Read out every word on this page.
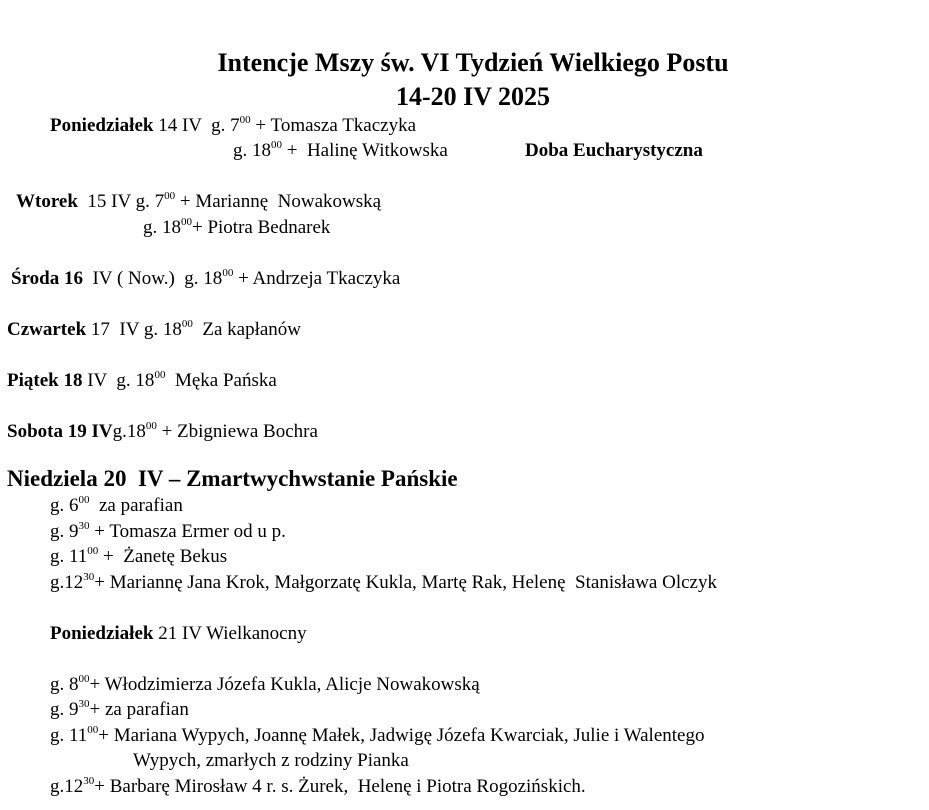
Intencje Mszy św. VI Tydzień Wielkiego Postu
14-20 IV 2025
Poniedziałek 14 IV  g. $7^{00}$ + Tomasza Tkaczyka
g. $18^{00}$ +  Halinę Witkowska	Doba Eucharystyczna
Wtorek  15 IV g. $7^{00}$ + Mariannę  Nowakowską
g. $18^{00}+$ Piotra Bednarek
Środa 16  IV ( Now.)  g. $18^{00}$ + Andrzeja Tkaczyka
Czwartek 17  IV g. $18^{00}$  Za kapłanów
Piątek 18 IV  g. $18^{00}$  Męka Pańska
Sobota 19 $IVg.18^{00}$ + Zbigniewa Bochra
Niedziela 20  IV – Zmartwychwstanie Pańskie
g. $6^{00}$  za parafian
g. $9^{30}$ + Tomasza Ermer od u p.
g. $11^{00}$ +  Żanetę Bekus
$g.12^{30}+$ Mariannę Jana Krok, Małgorzatę Kukla, Martę Rak, Helenę  Stanisława Olczyk
Poniedziałek 21 IV Wielkanocny
g. $8^{00}+$ Włodzimierza Józefa Kukla, Alicje Nowakowską
g. $9^{30}+$ za parafian
g. $11^{00}+$ Mariana Wypych, Joannę Małek, Jadwigę Józefa Kwarciak, Julie i Walentego
Wypych, zmarłych z rodziny Pianka
$g.12^{30}+$ Barbarę Mirosław 4 r. s. Żurek,  Helenę i Piotra Rogozińskich.
